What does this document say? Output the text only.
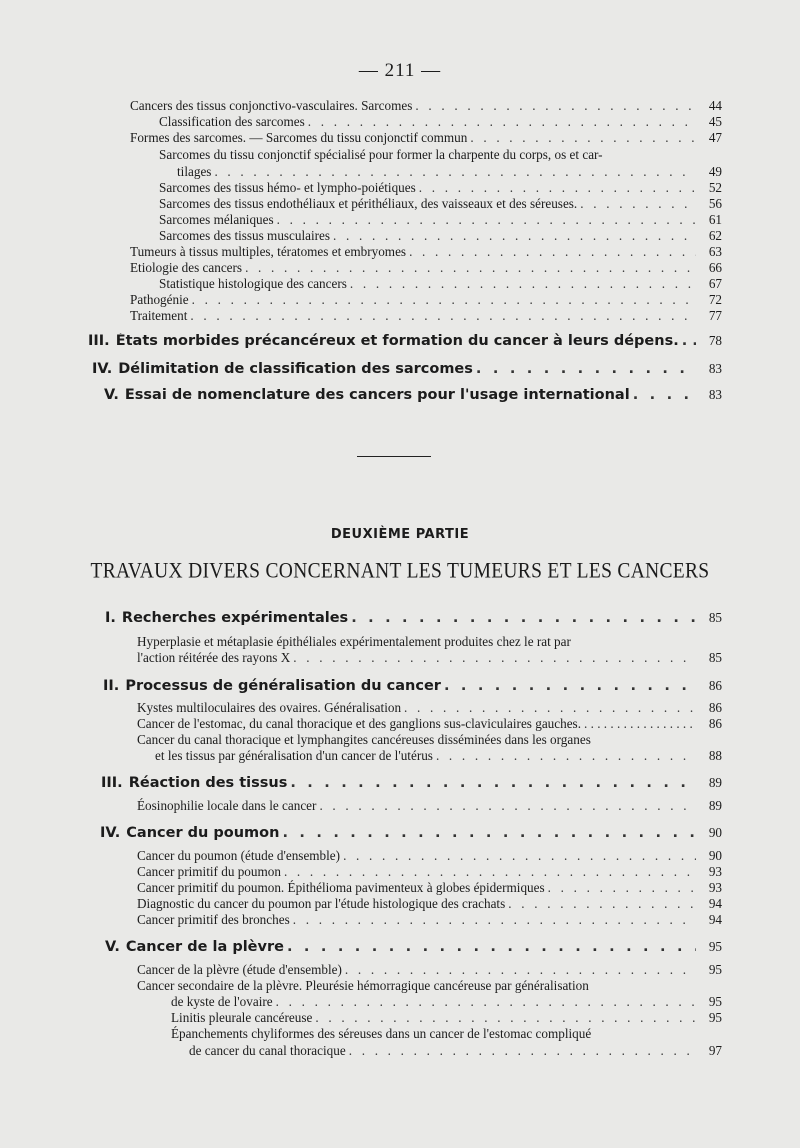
— 211 —
Cancers des tissus conjonctivo-vasculaires. Sarcomes . . .	44
Classification des sarcomes . . .	45
Formes des sarcomes. — Sarcomes du tissu conjonctif commun . . .	47
Sarcomes du tissu conjonctif spécialisé pour former la charpente du corps, os et car-
tilages . . .	49
Sarcomes des tissus hémo- et lympho-poiétiques . . .	52
Sarcomes des tissus endothéliaux et périthéliaux, des vaisseaux et des séreuses. . . .	56
Sarcomes mélaniques . . .	61
Sarcomes des tissus musculaires . . .	62
Tumeurs à tissus multiples, tératomes et embryomes . . .	63
Etiologie des cancers . . .	66
Statistique histologique des cancers . . .	67
Pathogénie . . .	72
Traitement . . .	77
III. États morbides précancéreux et formation du cancer à leurs dépens. . . .	78
IV. Délimitation de classification des sarcomes . . .	83
V. Essai de nomenclature des cancers pour l'usage international . . .	83
DEUXIÈME PARTIE
TRAVAUX DIVERS CONCERNANT LES TUMEURS ET LES CANCERS
I. Recherches expérimentales . . .	85
Hyperplasie et métaplasie épithéliales expérimentalement produites chez le rat par
l'action réitérée des rayons X . . .	85
II. Processus de généralisation du cancer . . .	86
Kystes multiloculaires des ovaires. Généralisation . . .	86
Cancer de l'estomac, du canal thoracique et des ganglions sus-claviculaires gauches. . . .	86
Cancer du canal thoracique et lymphangites cancéreuses disséminées dans les organes
et les tissus par généralisation d'un cancer de l'utérus . . .	88
III. Réaction des tissus . . .	89
Éosinophilie locale dans le cancer . . .	89
IV. Cancer du poumon . . .	90
Cancer du poumon (étude d'ensemble) . . .	90
Cancer primitif du poumon . . .	93
Cancer primitif du poumon. Épithélioma pavimenteux à globes épidermiques . . .	93
Diagnostic du cancer du poumon par l'étude histologique des crachats . . .	94
Cancer primitif des bronches . . .	94
V. Cancer de la plèvre . . .	95
Cancer de la plèvre (étude d'ensemble) . . .	95
Cancer secondaire de la plèvre. Pleurésie hémorragique cancéreuse par généralisation
de kyste de l'ovaire . . .	95
Linitis pleurale cancéreuse . . .	95
Épanchements chyliformes des séreuses dans un cancer de l'estomac compliqué
de cancer du canal thoracique . . .	97
